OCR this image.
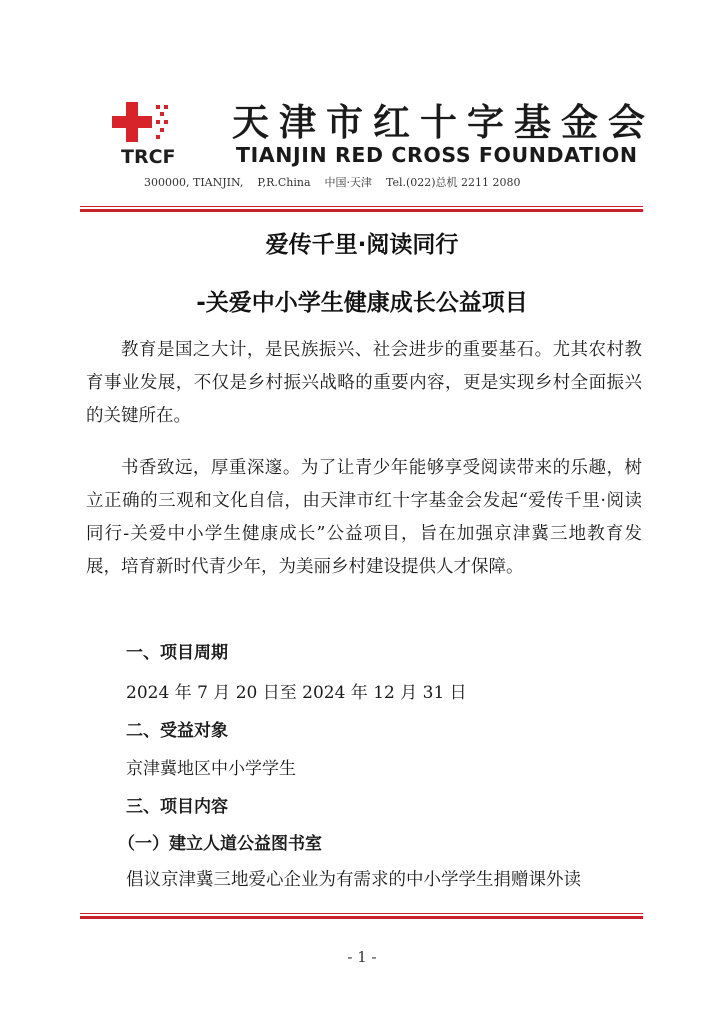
TRCF
天津市红十字基金会
TIANJIN RED CROSS FOUNDATION
300000, TIANJIN,    P,R.China    中国·天津    Tel.(022)总机 2211 2080
爱传千里·阅读同行
-关爱中小学生健康成长公益项目

教育是国之大计，是民族振兴、社会进步的重要基石。尤其农村教育事业发展，不仅是乡村振兴战略的重要内容，更是实现乡村全面振兴的关键所在。

书香致远，厚重深邃。为了让青少年能够享受阅读带来的乐趣，树立正确的三观和文化自信，由天津市红十字基金会发起“爱传千里·阅读同行-关爱中小学生健康成长”公益项目，旨在加强京津冀三地教育发展，培育新时代青少年，为美丽乡村建设提供人才保障。

一、项目周期
2024 年 7 月 20 日至 2024 年 12 月 31 日
二、受益对象
京津冀地区中小学学生
三、项目内容
（一）建立人道公益图书室
倡议京津冀三地爱心企业为有需求的中小学学生捐赠课外读
- 1 -
